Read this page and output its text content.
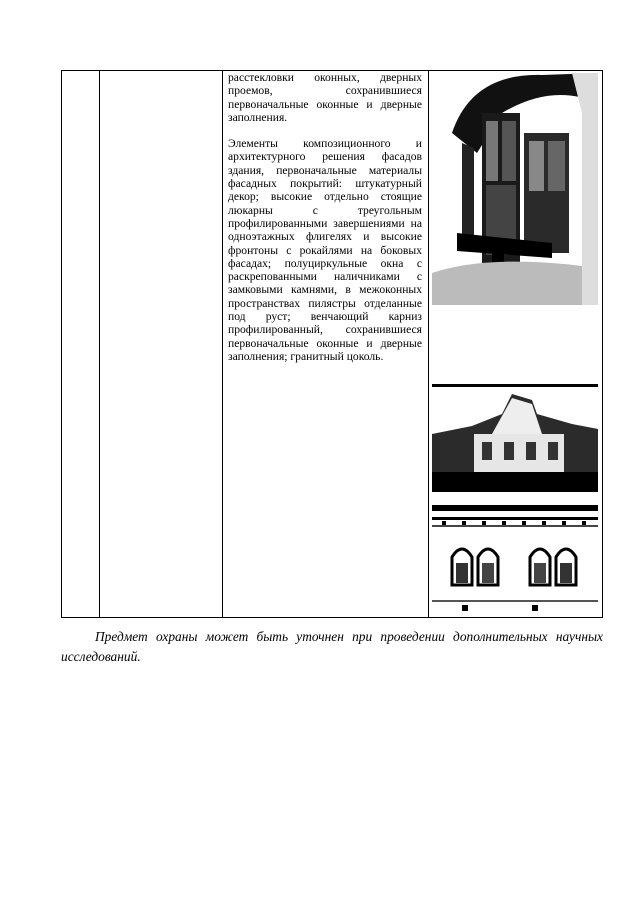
расстекловки оконных, дверных проемов, сохранившиеся первоначальные оконные и дверные заполнения.

Элементы композиционного и архитектурного решения фасадов здания, первоначальные материалы фасадных покрытий: штукатурный декор; высокие отдельно стоящие люкарны с треугольным профилированными завершениями на одноэтажных флигелях и высокие фронтоны с рокайлями на боковых фасадах; полуциркульные окна с раскрепованными наличниками с замковыми камнями, в межоконных пространствах пилястры отделанные под руст; венчающий карниз профилированный, сохранившиеся первоначальные оконные и дверные заполнения; гранитный цоколь.

Предмет охраны может быть уточнен при проведении дополнительных научных исследований.
